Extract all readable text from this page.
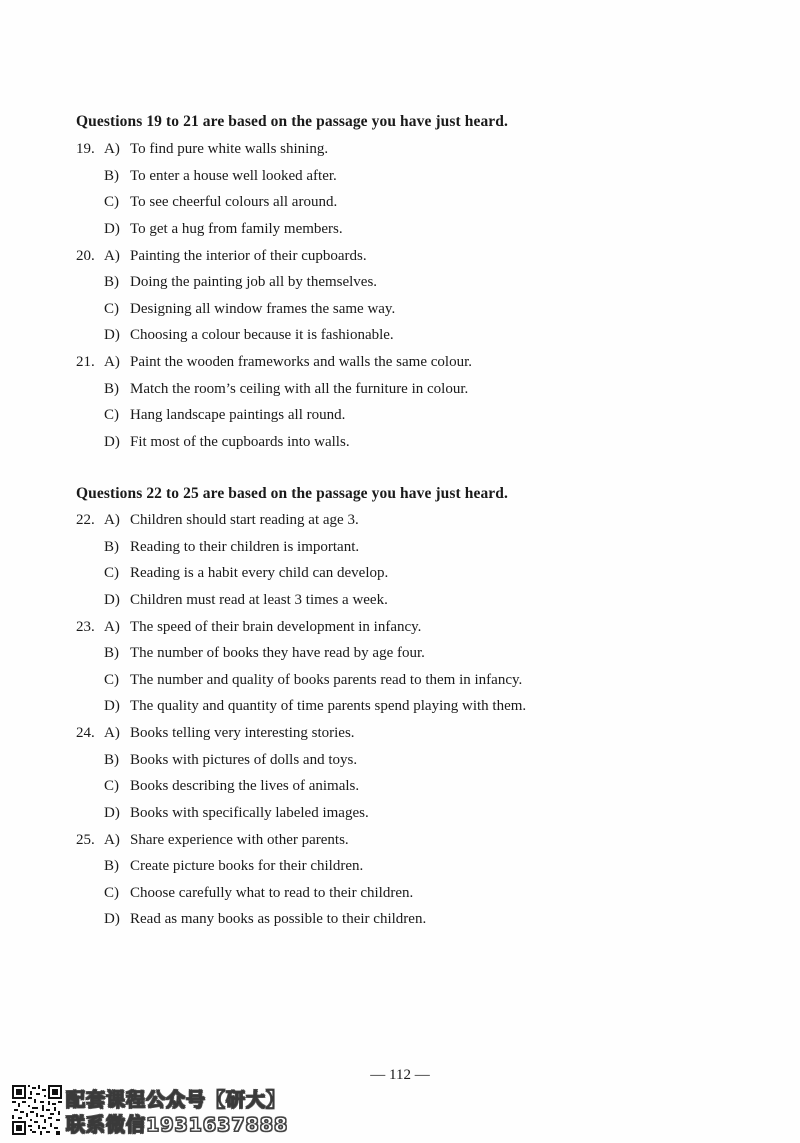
Questions 19 to 21 are based on the passage you have just heard.
19. A) To find pure white walls shining.
B) To enter a house well looked after.
C) To see cheerful colours all around.
D) To get a hug from family members.
20. A) Painting the interior of their cupboards.
B) Doing the painting job all by themselves.
C) Designing all window frames the same way.
D) Choosing a colour because it is fashionable.
21. A) Paint the wooden frameworks and walls the same colour.
B) Match the room’s ceiling with all the furniture in colour.
C) Hang landscape paintings all round.
D) Fit most of the cupboards into walls.
Questions 22 to 25 are based on the passage you have just heard.
22. A) Children should start reading at age 3.
B) Reading to their children is important.
C) Reading is a habit every child can develop.
D) Children must read at least 3 times a week.
23. A) The speed of their brain development in infancy.
B) The number of books they have read by age four.
C) The number and quality of books parents read to them in infancy.
D) The quality and quantity of time parents spend playing with them.
24. A) Books telling very interesting stories.
B) Books with pictures of dolls and toys.
C) Books describing the lives of animals.
D) Books with specifically labeled images.
25. A) Share experience with other parents.
B) Create picture books for their children.
C) Choose carefully what to read to their children.
D) Read as many books as possible to their children.
— 112 —
配套课程公众号【研大】
联系微信1931637888
